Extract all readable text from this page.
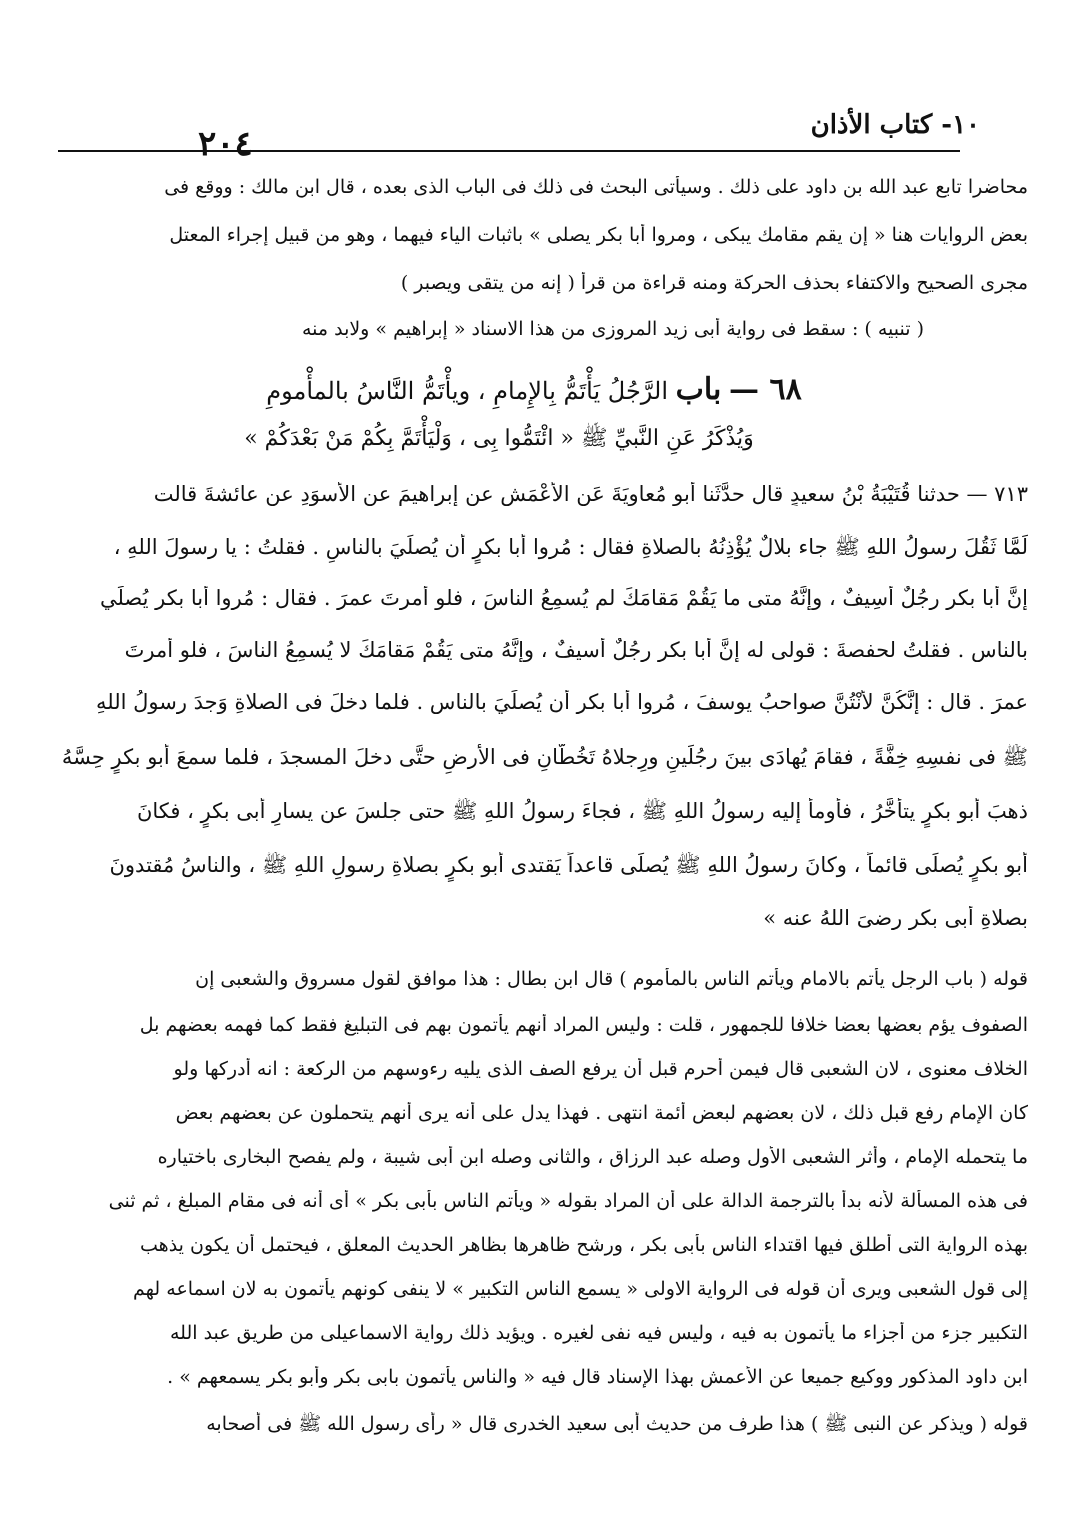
٢٠٤	١٠- كتاب الأذان
محاضرا تابع عبد الله بن داود على ذلك . وسيأتى البحث فى ذلك فى الباب الذى بعده ، قال ابن مالك : ووقع فى
بعض الروايات هنا « إن يقم مقامك يبكى ، ومروا أبا بكر يصلى » باثبات الياء فيهما ، وهو من قبيل إجراء المعتل
مجرى الصحيح والاكتفاء بحذف الحركة ومنه قراءة من قرأ ( إنه من يتقى ويصبر )
( تنبيه ) : سقط فى رواية أبى زيد المروزى من هذا الاسناد « إبراهيم » ولابد منه
٦٨ — باب الرَّجُلُ يَأْتَمُّ بِالإِمامِ ، ويأْتَمُّ النَّاسُ بالمأْمومِ
وَيُذْكَرُ عَنِ النَّبيِّ ﷺ « ائْتَمُّوا بِى ، وَلْيَأْتَمَّ بِكُمْ مَنْ بَعْدَكُمْ »
٧١٣ — حدثنا قُتَيْبَةُ بْنُ سعيدٍ قال حدَّثَنا أَبو مُعاوِيَةَ عَنِ الأَعْمَشِ عن إبراهيمَ عنِ الأسوَدِ عن عائشةَ قالت
لَمَّا ثَقُلَ رسولُ اللهِ ﷺ جاء بلالٌ يُؤْذِنُهُ بالصلاةِ فقال : مُروا أَبا بكرٍ أن يُصلِّيَ بالناسِ . فقلتُ : يا رسولَ اللهِ ،
إنَّ أَبا بكرٍ رجُلٌ أَسِيفٌ ، وإِنَّهُ متى ما يَقُمْ مَقامَكَ لم يُسمِعُ الناسَ ، فلو أمرتَ عمرَ . فقال : مُروا أبا بكرٍ يُصلِّي
بالناسِ . فقلتُ لحفصةَ : قولى له إنَّ أبا بكرٍ رجُلٌ أسيفٌ ، وإِنَّهُ متى يَقُمْ مَقامَكَ لا يُسمِعُ الناسَ ، فلو أمرتَ
عمرَ . قال : إِنَّكُنَّ لأَنْتُنَّ صواحبُ يوسفَ ، مُروا أبا بكرٍ أن يُصلِّيَ بالناسِ . فلما دخلَ فى الصلاةِ وَجدَ رسولُ اللهِ
ﷺ فى نفسِهِ خِفَّةً ، فقامَ يُهادَى بينَ رجُلَينِ ورِجلاهُ تَخُطَّانِ فى الأرضِ حتَّى دخلَ المسجدَ ، فلما سمعَ أبو بكرٍ حِسَّهُ
ذهبَ أبو بكرٍ يتأخَّرُ ، فأومأَ إليه رسولُ اللهِ ﷺ ، فجاءَ رسولُ اللهِ ﷺ حتى جلسَ عن يسارِ أبى بكرٍ ، فكانَ
أبو بكرٍ يُصلِّى قائماً ، وكانَ رسولُ اللهِ ﷺ يُصلِّى قاعداً يَقتدى أبو بكرٍ بصلاةِ رسولِ اللهِ ﷺ ، والناسُ مُقتدونَ
بصلاةِ أبى بكرٍ رضىَ اللهُ عنه »
قوله ( باب الرجل يأتم بالامام ويأتم الناس بالمأموم ) قال ابن بطال : هذا موافق لقول مسروق والشعبى إن
الصفوف يؤم بعضها بعضا خلافا للجمهور ، قلت : وليس المراد أنهم يأتمون بهم فى التبليغ فقط كما فهمه بعضهم بل
الخلاف معنوى ، لان الشعبى قال فيمن أحرم قبل أن يرفع الصف الذى يليه رءوسهم من الركعة : انه أدركها ولو
كان الإمام رفع قبل ذلك ، لان بعضهم لبعض أئمة انتهى . فهذا يدل على أنه يرى أنهم يتحملون عن بعضهم بعض
ما يتحمله الإمام ، وأثر الشعبى الأول وصله عبد الرزاق ، والثانى وصله ابن أبى شيبة ، ولم يفصح البخارى باختياره
فى هذه المسألة لأنه بدأ بالترجمة الدالة على أن المراد بقوله « ويأتم الناس بأبى بكر » أى أنه فى مقام المبلغ ، ثم ثنى
بهذه الرواية التى أطلق فيها اقتداء الناس بأبى بكر ، ورشح ظاهرها بظاهر الحديث المعلق ، فيحتمل أن يكون يذهب
إلى قول الشعبى ويرى أن قوله فى الرواية الاولى « يسمع الناس التكبير » لا ينفى كونهم يأتمون به لان اسماعه لهم
التكبير جزء من أجزاء ما يأتمون به فيه ، وليس فيه نفى لغيره . ويؤيد ذلك رواية الاسماعيلى من طريق عبد الله
ابن داود المذكور ووكيع جميعا عن الأعمش بهذا الإسناد قال فيه « والناس يأتمون بابى بكر وأبو بكر يسمعهم » .
قوله ( ويذكر عن النبى ﷺ ) هذا طرف من حديث أبى سعيد الخدرى قال « رأى رسول الله ﷺ فى أصحابه
